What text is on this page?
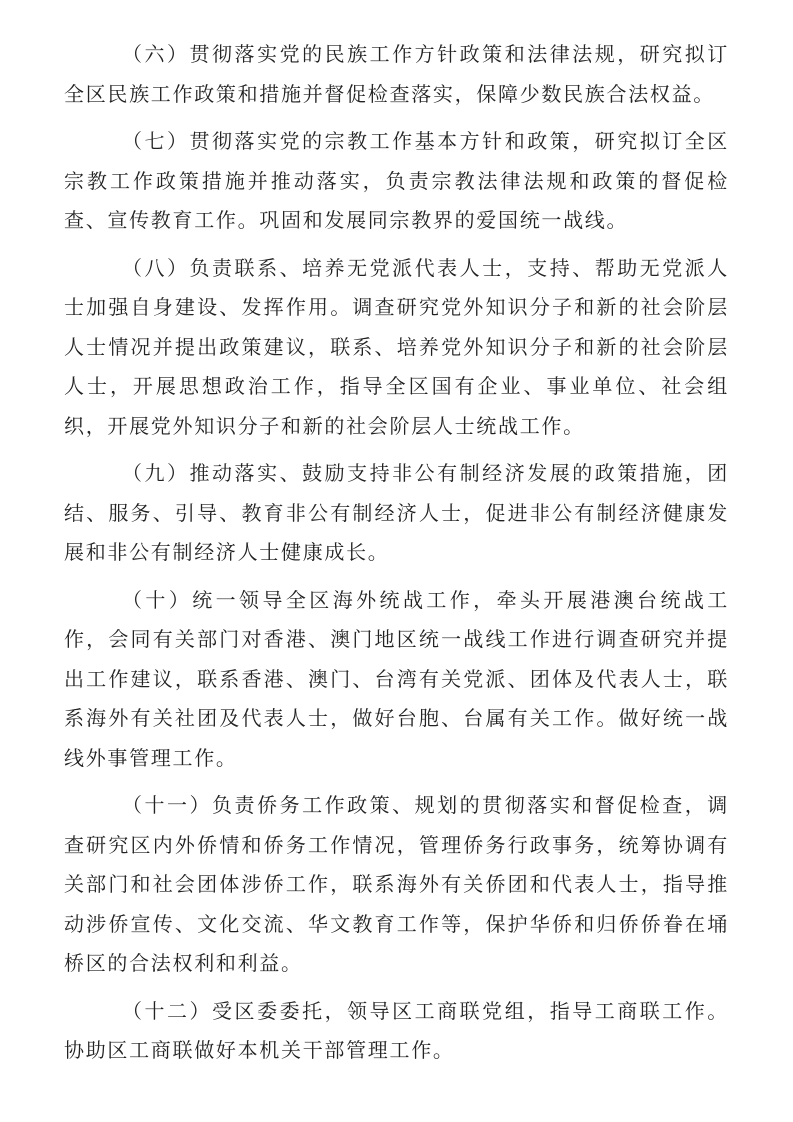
（六）贯彻落实党的民族工作方针政策和法律法规，研究拟订全区民族工作政策和措施并督促检查落实，保障少数民族合法权益。

（七）贯彻落实党的宗教工作基本方针和政策，研究拟订全区宗教工作政策措施并推动落实，负责宗教法律法规和政策的督促检查、宣传教育工作。巩固和发展同宗教界的爱国统一战线。

（八）负责联系、培养无党派代表人士，支持、帮助无党派人士加强自身建设、发挥作用。调查研究党外知识分子和新的社会阶层人士情况并提出政策建议，联系、培养党外知识分子和新的社会阶层人士，开展思想政治工作，指导全区国有企业、事业单位、社会组织，开展党外知识分子和新的社会阶层人士统战工作。

（九）推动落实、鼓励支持非公有制经济发展的政策措施，团结、服务、引导、教育非公有制经济人士，促进非公有制经济健康发展和非公有制经济人士健康成长。

（十）统一领导全区海外统战工作，牵头开展港澳台统战工作，会同有关部门对香港、澳门地区统一战线工作进行调查研究并提出工作建议，联系香港、澳门、台湾有关党派、团体及代表人士，联系海外有关社团及代表人士，做好台胞、台属有关工作。做好统一战线外事管理工作。

（十一）负责侨务工作政策、规划的贯彻落实和督促检查，调查研究区内外侨情和侨务工作情况，管理侨务行政事务，统筹协调有关部门和社会团体涉侨工作，联系海外有关侨团和代表人士，指导推动涉侨宣传、文化交流、华文教育工作等，保护华侨和归侨侨眷在埇桥区的合法权利和利益。

（十二）受区委委托，领导区工商联党组，指导工商联工作。协助区工商联做好本机关干部管理工作。
